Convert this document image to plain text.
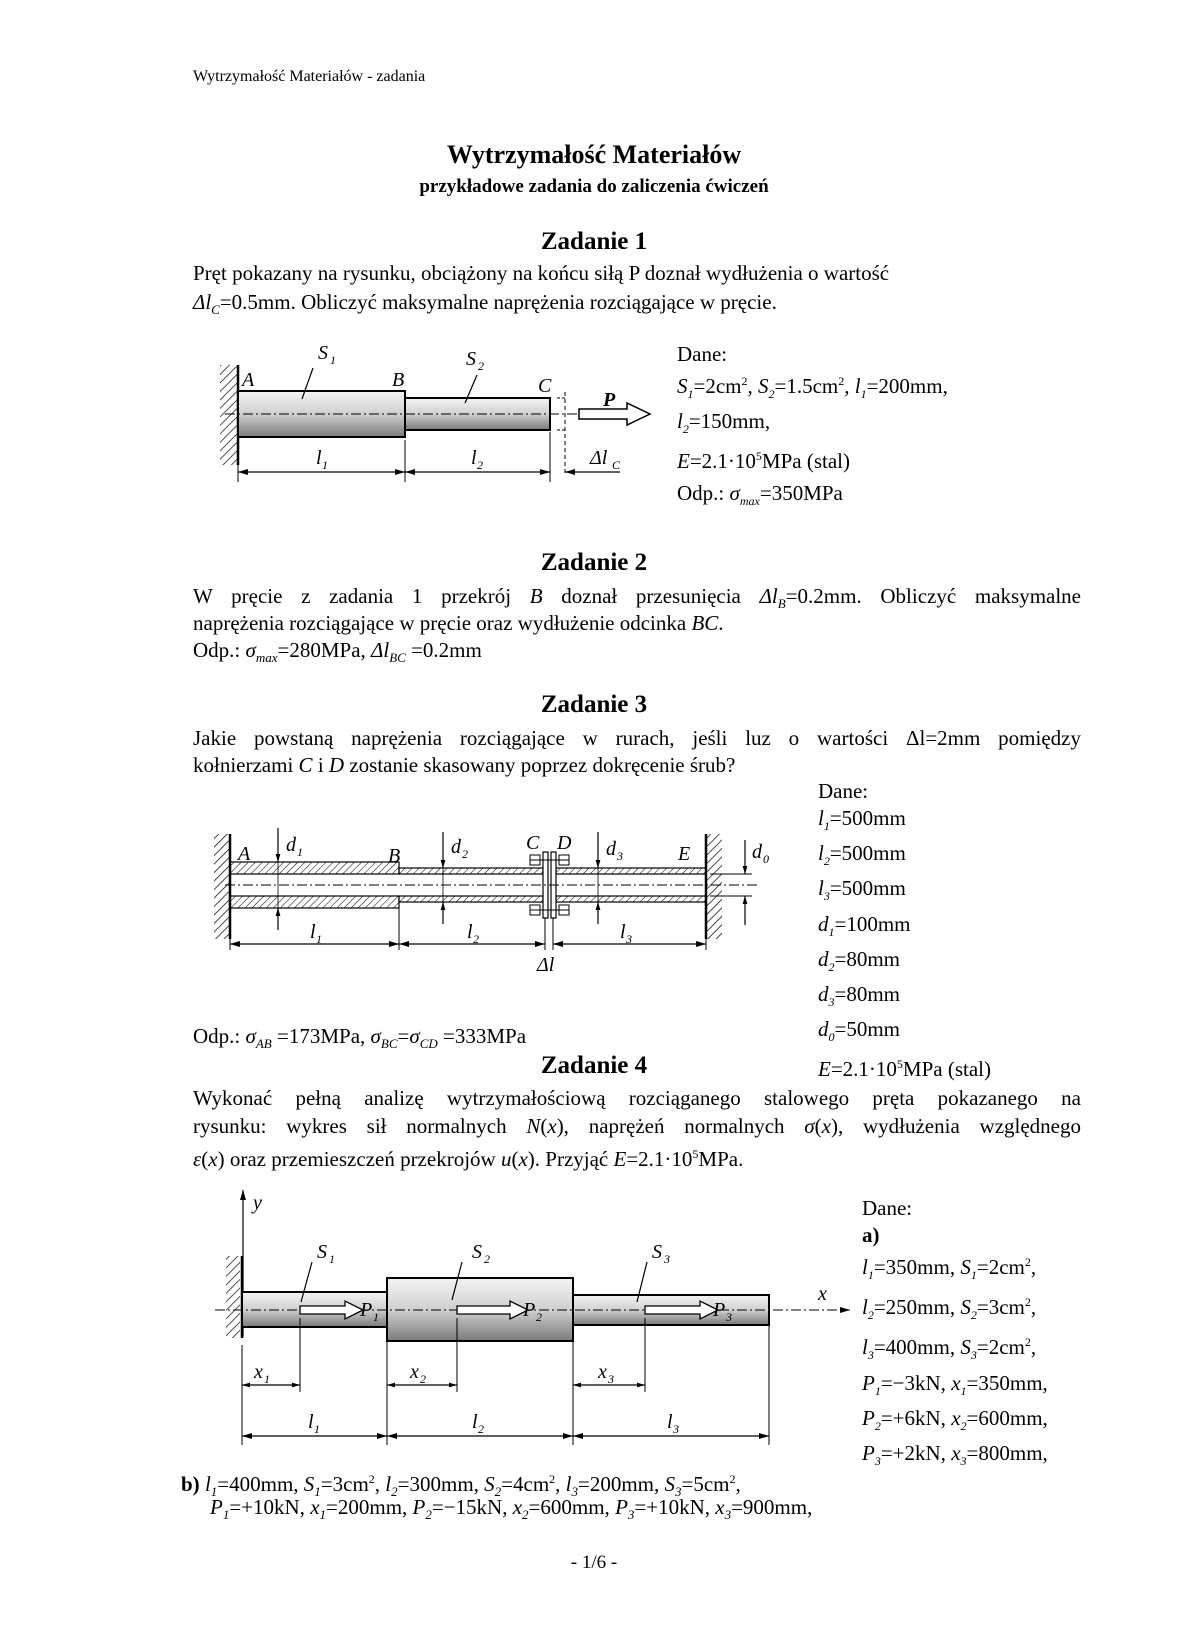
Wytrzymałość Materiałów - zadania
Wytrzymałość Materiałów
przykładowe zadania do zaliczenia ćwiczeń
Zadanie 1
Pręt pokazany na rysunku, obciążony na końcu siłą P doznał wydłużenia o wartość
$\Delta l_C=0.5mm$. Obliczyć maksymalne naprężenia rozciągające w pręcie.
Dane:
$S_1=2cm^2$, $S_2=1.5cm^2$, $l_1=200mm$,
$l_2=150mm$,
$E=2.1\cdot 10^5MPa$ (stal)
Odp.: $\sigma_{max}=350MPa$
Zadanie 2
W pręcie z zadania 1 przekrój B doznał przesunięcia $\Delta l_B=0.2mm$. Obliczyć maksymalne
naprężenia rozciągające w pręcie oraz wydłużenie odcinka BC.
Odp.: $\sigma_{max}=280MPa$, $\Delta l_{BC} =0.2mm$
Zadanie 3
Jakie powstaną naprężenia rozciągające w rurach, jeśli luz o wartości Δl=2mm pomiędzy
kołnierzami C i D zostanie skasowany poprzez dokręcenie śrub?
Dane:
$l_1=500mm$
$l_2=500mm$
$l_3=500mm$
$d_1=100mm$
$d_2=80mm$
$d_3=80mm$
$d_0=50mm$
$E=2.1\cdot 10^5MPa$ (stal)
Odp.: $\sigma_{AB} =173MPa$, $\sigma_{BC}=\sigma_{CD} =333MPa$
Zadanie 4
Wykonać pełną analizę wytrzymałościową rozciąganego stalowego pręta pokazanego na
rysunku: wykres sił normalnych N(x), naprężeń normalnych σ(x), wydłużenia względnego
ε(x) oraz przemieszczeń przekrojów u(x). Przyjąć $E=2.1\cdot 10^5MPa$.
Dane:
a)
$l_1=350mm$, $S_1=2cm^2$,
$l_2=250mm$, $S_2=3cm^2$,
$l_3=400mm$, $S_3=2cm^2$,
$P_1=-3kN$, $x_1=350mm$,
$P_2=+6kN$, $x_2=600mm$,
$P_3=+2kN$, $x_3=800mm$,
b) $l_1=400mm$, $S_1=3cm^2$, $l_2=300mm$, $S_2=4cm^2$, $l_3=200mm$, $S_3=5cm^2$,
$P_1=+10kN$, $x_1=200mm$, $P_2=-15kN$, $x_2=600mm$, $P_3=+10kN$, $x_3=900mm$,
- 1/6 -
A	B	C
P
S 1	S 2
l 1	l 2	Δl C
A	B
C D	E
d 1	d 2	d 3	d 0
l 1	l 2	l 3
Δl
y
x
S 1	S 2	S 3
P 1	P 2	P 3
x 1	x 2	x 3
l 1	l 2	l 3
